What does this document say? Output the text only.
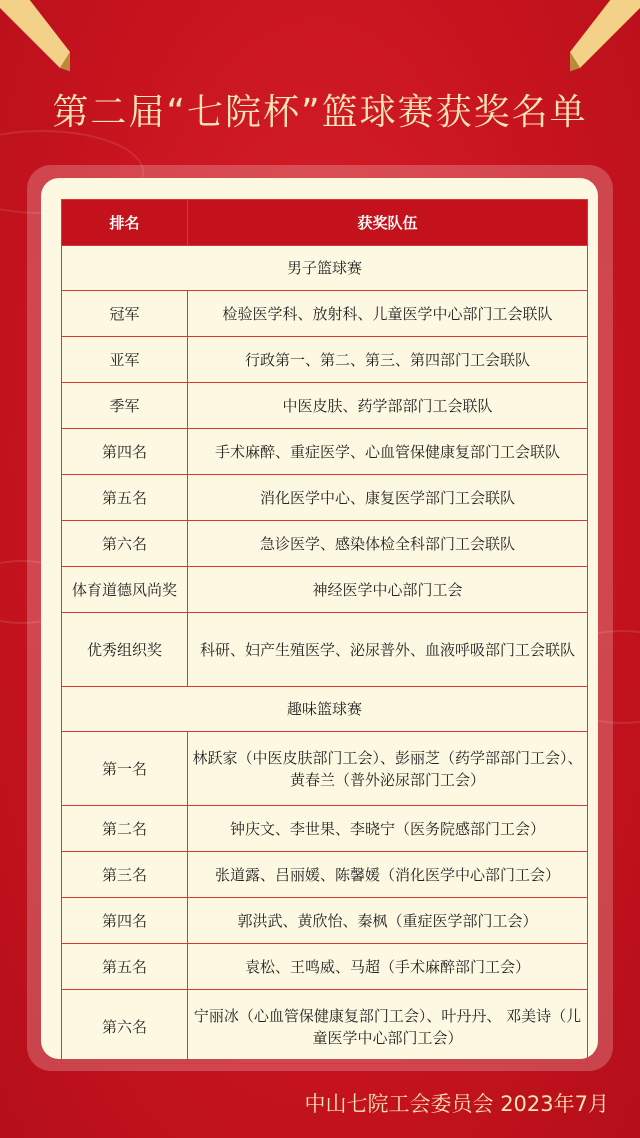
第二届“七院杯”篮球赛获奖名单
排名	获奖队伍
男子篮球赛	
冠军	检验医学科、放射科、儿童医学中心部门工会联队
亚军	行政第一、第二、第三、第四部门工会联队
季军	中医皮肤、药学部部门工会联队
第四名	手术麻醉、重症医学、心血管保健康复部门工会联队
第五名	消化医学中心、康复医学部门工会联队
第六名	急诊医学、感染体检全科部门工会联队
体育道德风尚奖	神经医学中心部门工会
优秀组织奖	科研、妇产生殖医学、泌尿普外、血液呼吸部门工会联队
趣味篮球赛	
第一名	林跃家（中医皮肤部门工会）、彭丽芝（药学部部门工会）、黄春兰（普外泌尿部门工会）
第二名	钟庆文、李世果、李晓宁（医务院感部门工会）
第三名	张道露、吕丽媛、陈馨媛（消化医学中心部门工会）
第四名	郭洪武、黄欣怡、秦枫（重症医学部门工会）
第五名	袁松、王鸣威、马超（手术麻醉部门工会）
第六名	宁丽冰（心血管保健康复部门工会）、叶丹丹、 邓美诗（儿童医学中心部门工会）
中山七院工会委员会 2023年7月
